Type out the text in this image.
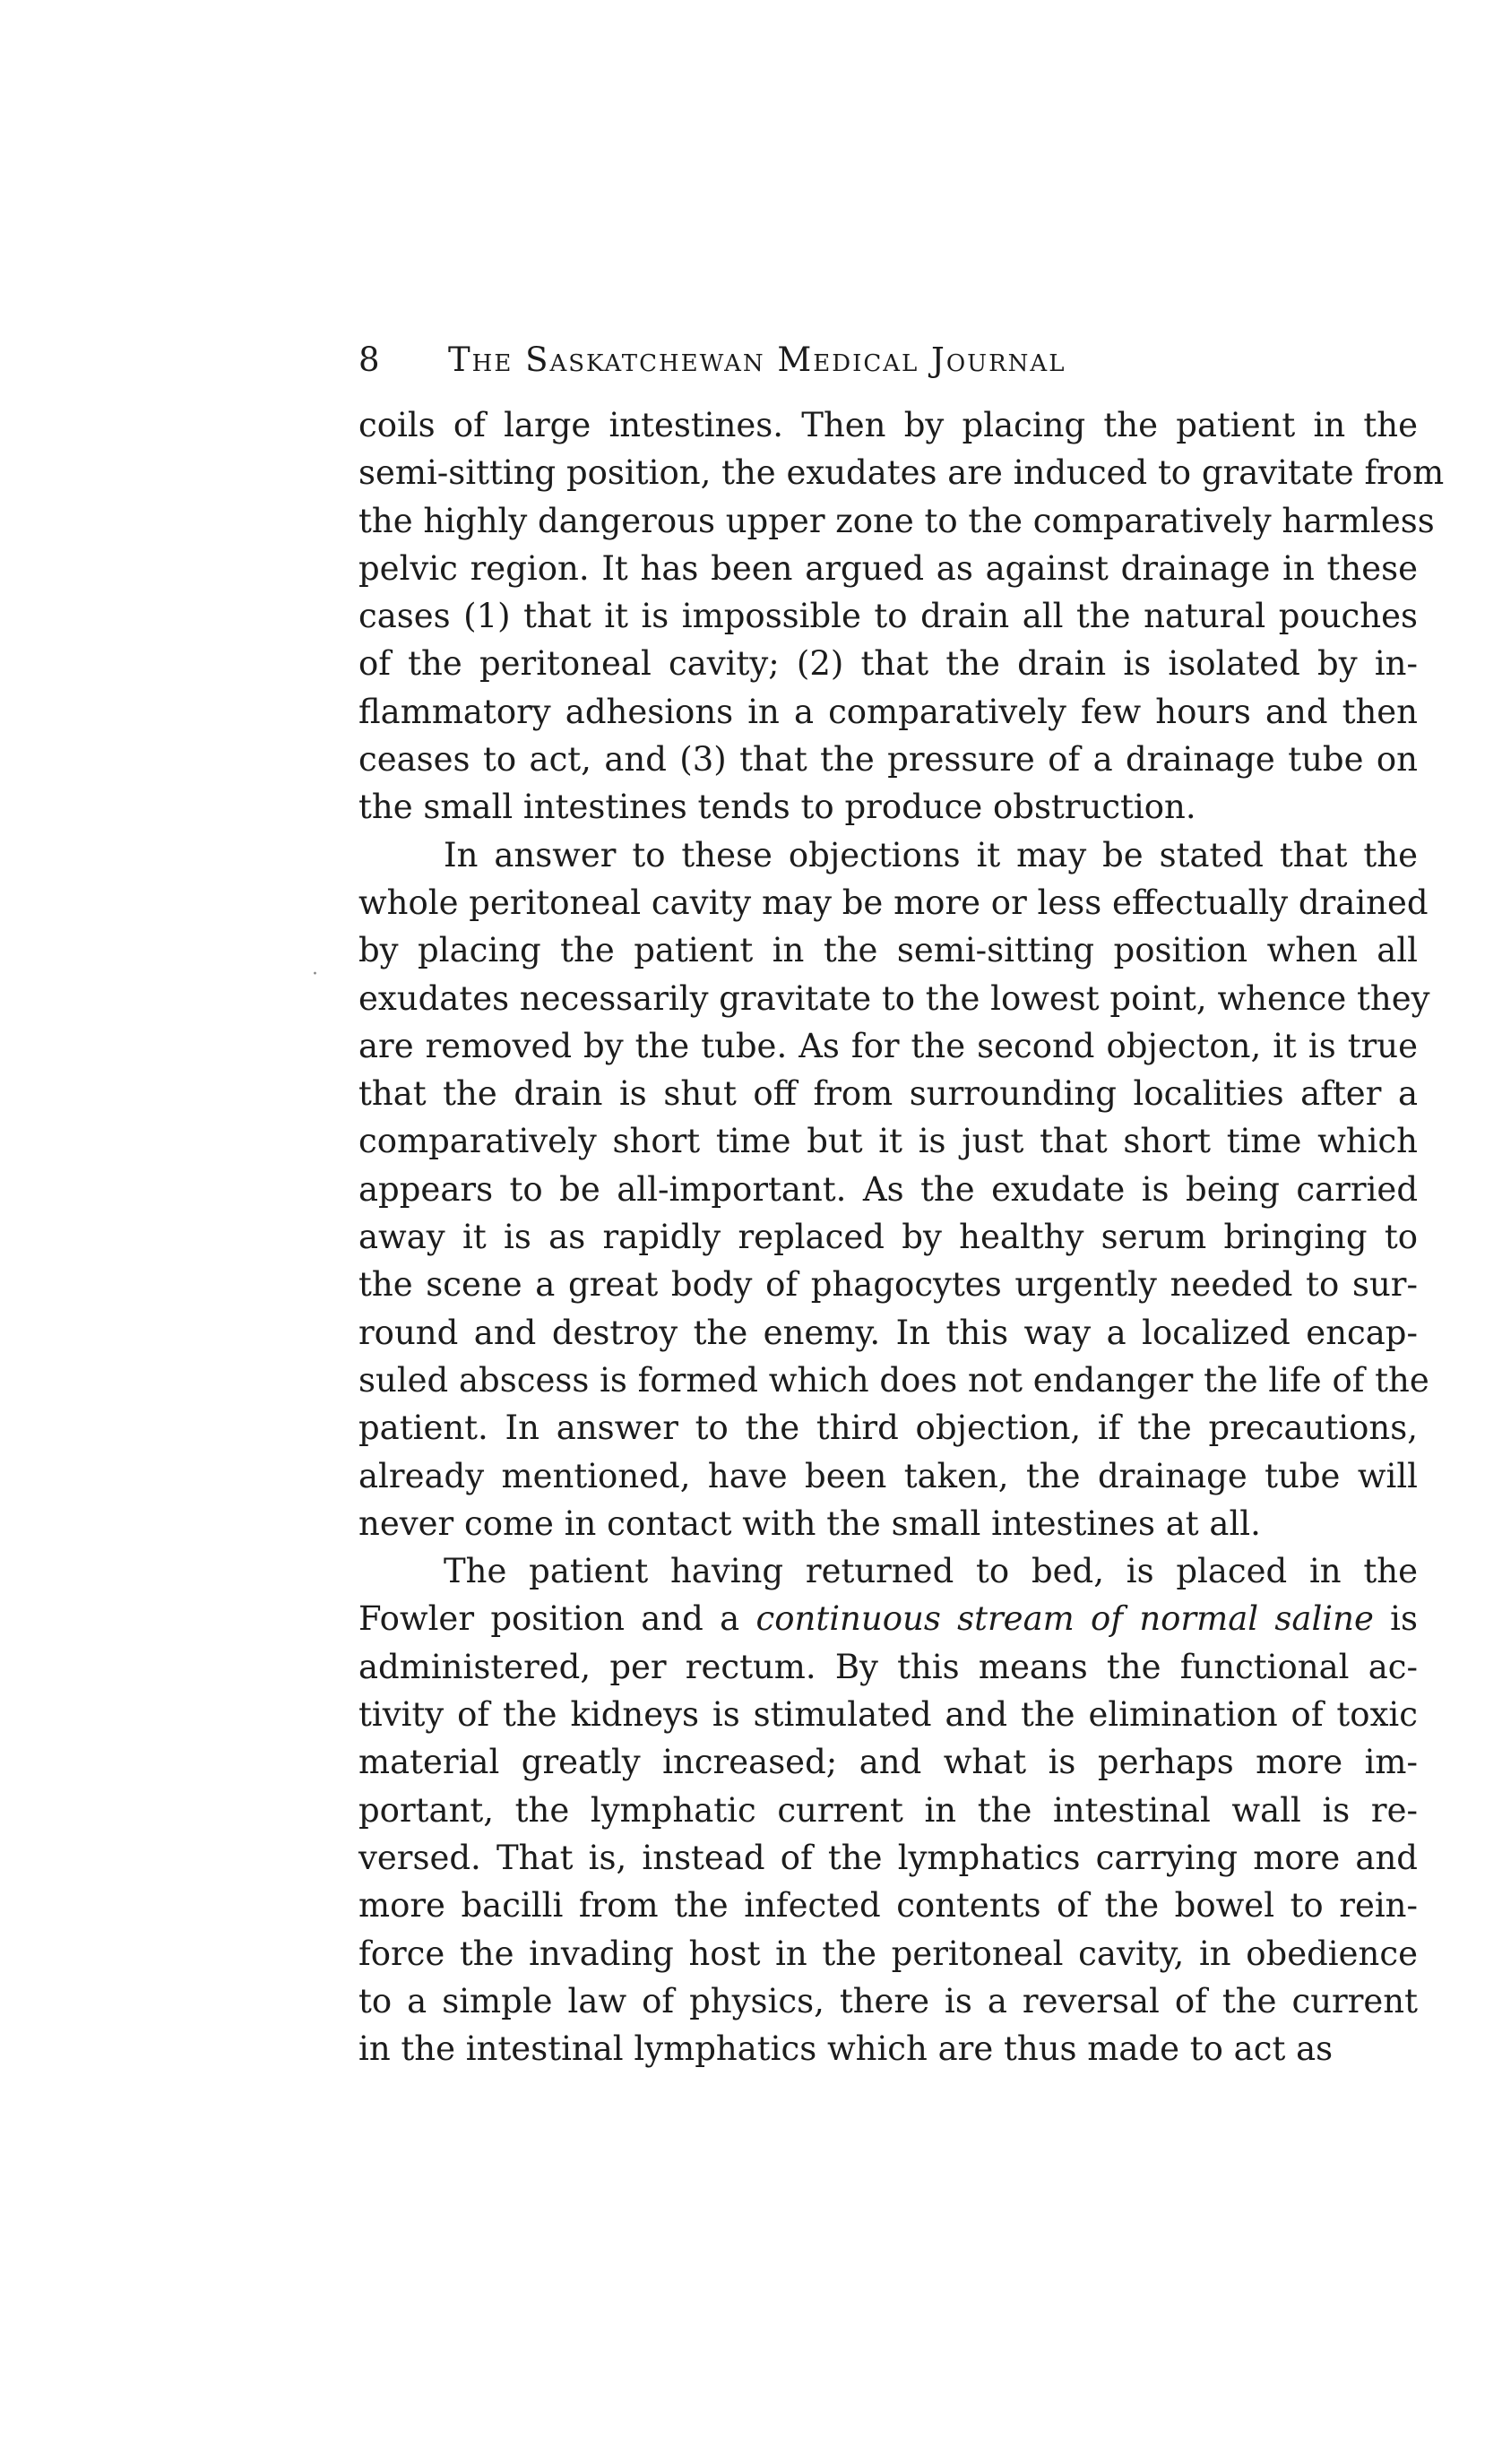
8 The Saskatchewan Medical Journal
coils of large intestines. Then by placing the patient in the
semi-sitting position, the exudates are induced to gravitate from
the highly dangerous upper zone to the comparatively harmless
pelvic region. It has been argued as against drainage in these
cases (1) that it is impossible to drain all the natural pouches
of the peritoneal cavity; (2) that the drain is isolated by in-
flammatory adhesions in a comparatively few hours and then
ceases to act, and (3) that the pressure of a drainage tube on
the small intestines tends to produce obstruction.
In answer to these objections it may be stated that the
whole peritoneal cavity may be more or less effectually drained
by placing the patient in the semi-sitting position when all
exudates necessarily gravitate to the lowest point, whence they
are removed by the tube. As for the second objecton, it is true
that the drain is shut off from surrounding localities after a
comparatively short time but it is just that short time which
appears to be all-important. As the exudate is being carried
away it is as rapidly replaced by healthy serum bringing to
the scene a great body of phagocytes urgently needed to sur-
round and destroy the enemy. In this way a localized encap-
suled abscess is formed which does not endanger the life of the
patient. In answer to the third objection, if the precautions,
already mentioned, have been taken, the drainage tube will
never come in contact with the small intestines at all.
The patient having returned to bed, is placed in the
Fowler position and a continuous stream of normal saline is
administered, per rectum. By this means the functional ac-
tivity of the kidneys is stimulated and the elimination of toxic
material greatly increased; and what is perhaps more im-
portant, the lymphatic current in the intestinal wall is re-
versed. That is, instead of the lymphatics carrying more and
more bacilli from the infected contents of the bowel to rein-
force the invading host in the peritoneal cavity, in obedience
to a simple law of physics, there is a reversal of the current
in the intestinal lymphatics which are thus made to act as
·
